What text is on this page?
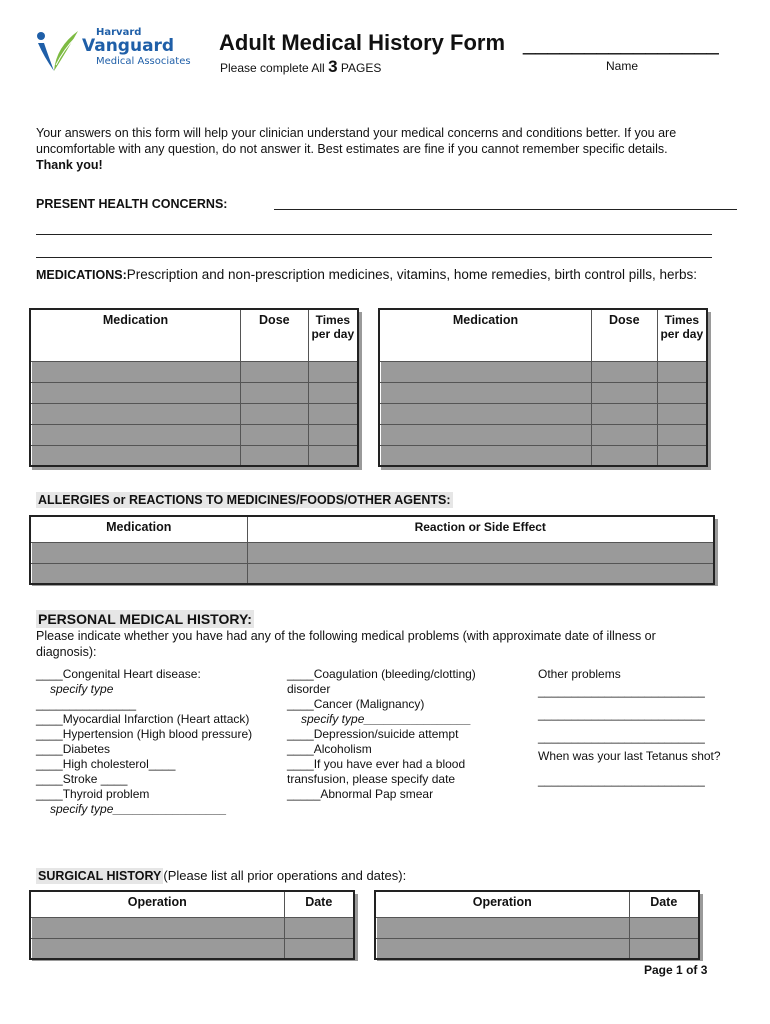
Harvard
Vanguard
Medical Associates
Adult Medical History Form ________________
Please complete All 3 PAGES	Name
Your answers on this form will help your clinician understand your medical concerns and conditions better. If you are uncomfortable with any question, do not answer it. Best estimates are fine if you cannot remember specific details.
Thank you!
PRESENT HEALTH CONCERNS:
MEDICATIONS:Prescription and non-prescription medicines, vitamins, home remedies, birth control pills, herbs:
Medication	Dose	Times per day

Medication	Dose	Times per day

ALLERGIES or REACTIONS TO MEDICINES/FOODS/OTHER AGENTS:
Medication	Reaction or Side Effect

PERSONAL MEDICAL HISTORY:
Please indicate whether you have had any of the following medical problems (with approximate date of illness or diagnosis):
____Congenital Heart disease:
specify type
_______________
____Myocardial Infarction (Heart attack)
____Hypertension (High blood pressure)
____Diabetes
____High cholesterol____
____Stroke ____
____Thyroid problem
specify type_________________
____Coagulation (bleeding/clotting) disorder
____Cancer (Malignancy)
specify type________________
____Depression/suicide attempt
____Alcoholism
____If you have ever had a blood transfusion, please specify date
_____Abnormal Pap smear
Other problems
_________________________
_________________________
_________________________
When was your last Tetanus shot?
_________________________
SURGICAL HISTORY (Please list all prior operations and dates):
Operation	Date

		Operation	Date

Page 1 of 3
